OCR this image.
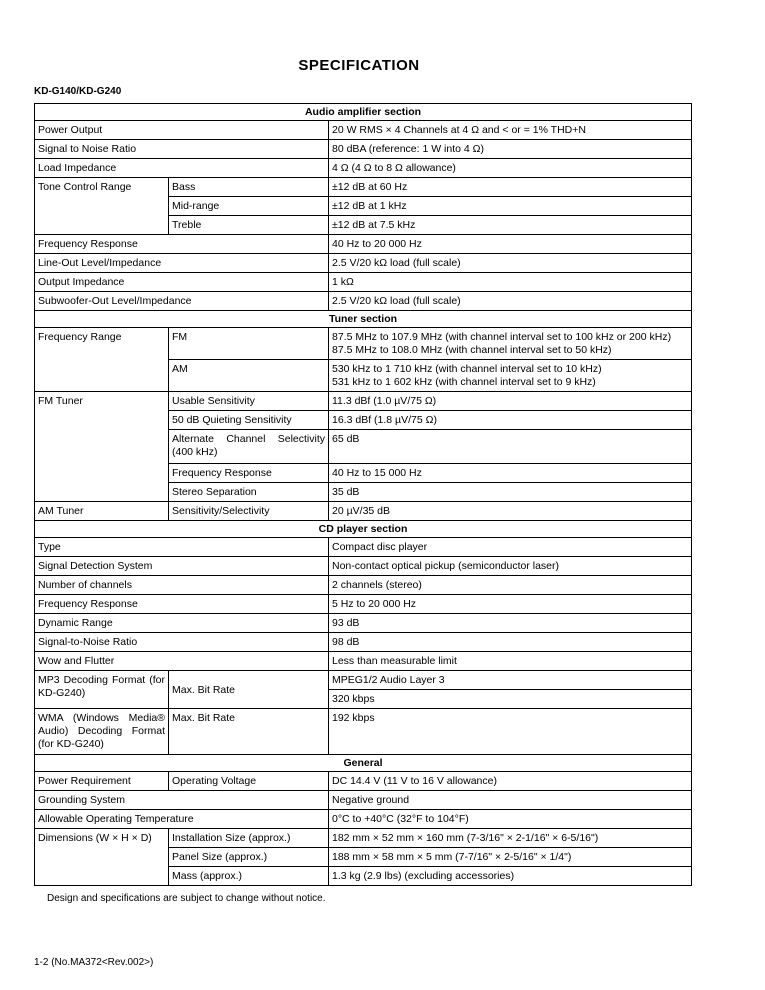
SPECIFICATION
KD-G140/KD-G240
Audio amplifier section		
Power Output		20 W RMS × 4 Channels at 4 Ω and < or = 1% THD+N
Signal to Noise Ratio		80 dBA (reference: 1 W into 4 Ω)
Load Impedance		4 Ω (4 Ω to 8 Ω allowance)
Tone Control Range	Bass	±12 dB at 60 Hz
	Mid-range	±12 dB at 1 kHz
	Treble	±12 dB at 7.5 kHz
Frequency Response		40 Hz to 20 000 Hz
Line-Out Level/Impedance		2.5 V/20 kΩ load (full scale)
Output Impedance		1 kΩ
Subwoofer-Out Level/Impedance		2.5 V/20 kΩ load (full scale)
Tuner section		
Frequency Range	FM	87.5 MHz to 107.9 MHz (with channel interval set to 100 kHz or 200 kHz)
87.5 MHz to 108.0 MHz (with channel interval set to 50 kHz)
	AM	530 kHz to 1 710 kHz (with channel interval set to 10 kHz)
531 kHz to 1 602 kHz (with channel interval set to 9 kHz)
FM Tuner	Usable Sensitivity	11.3 dBf (1.0 µV/75 Ω)
	50 dB Quieting Sensitivity	16.3 dBf (1.8 µV/75 Ω)
	Alternate Channel Selectivity (400 kHz)	65 dB
	Frequency Response	40 Hz to 15 000 Hz
	Stereo Separation	35 dB
AM Tuner	Sensitivity/Selectivity	20 µV/35 dB
CD player section		
Type		Compact disc player
Signal Detection System		Non-contact optical pickup (semiconductor laser)
Number of channels		2 channels (stereo)
Frequency Response		5 Hz to 20 000 Hz
Dynamic Range		93 dB
Signal-to-Noise Ratio		98 dB
Wow and Flutter		Less than measurable limit
MP3 Decoding Format (for KD-G240)	Max. Bit Rate	MPEG1/2 Audio Layer 3
		320 kbps
WMA (Windows Media® Audio) Decoding Format (for KD-G240)	Max. Bit Rate	192 kbps
General		
Power Requirement	Operating Voltage	DC 14.4 V (11 V to 16 V allowance)
Grounding System		Negative ground
Allowable Operating Temperature		0°C to +40°C (32°F to 104°F)
Dimensions (W × H × D)	Installation Size (approx.)	182 mm × 52 mm × 160 mm (7-3/16" × 2-1/16" × 6-5/16")
	Panel Size (approx.)	188 mm × 58 mm × 5 mm (7-7/16" × 2-5/16" × 1/4")
	Mass (approx.)	1.3 kg (2.9 lbs) (excluding accessories)
Design and specifications are subject to change without notice.
1-2 (No.MA372<Rev.002>)
